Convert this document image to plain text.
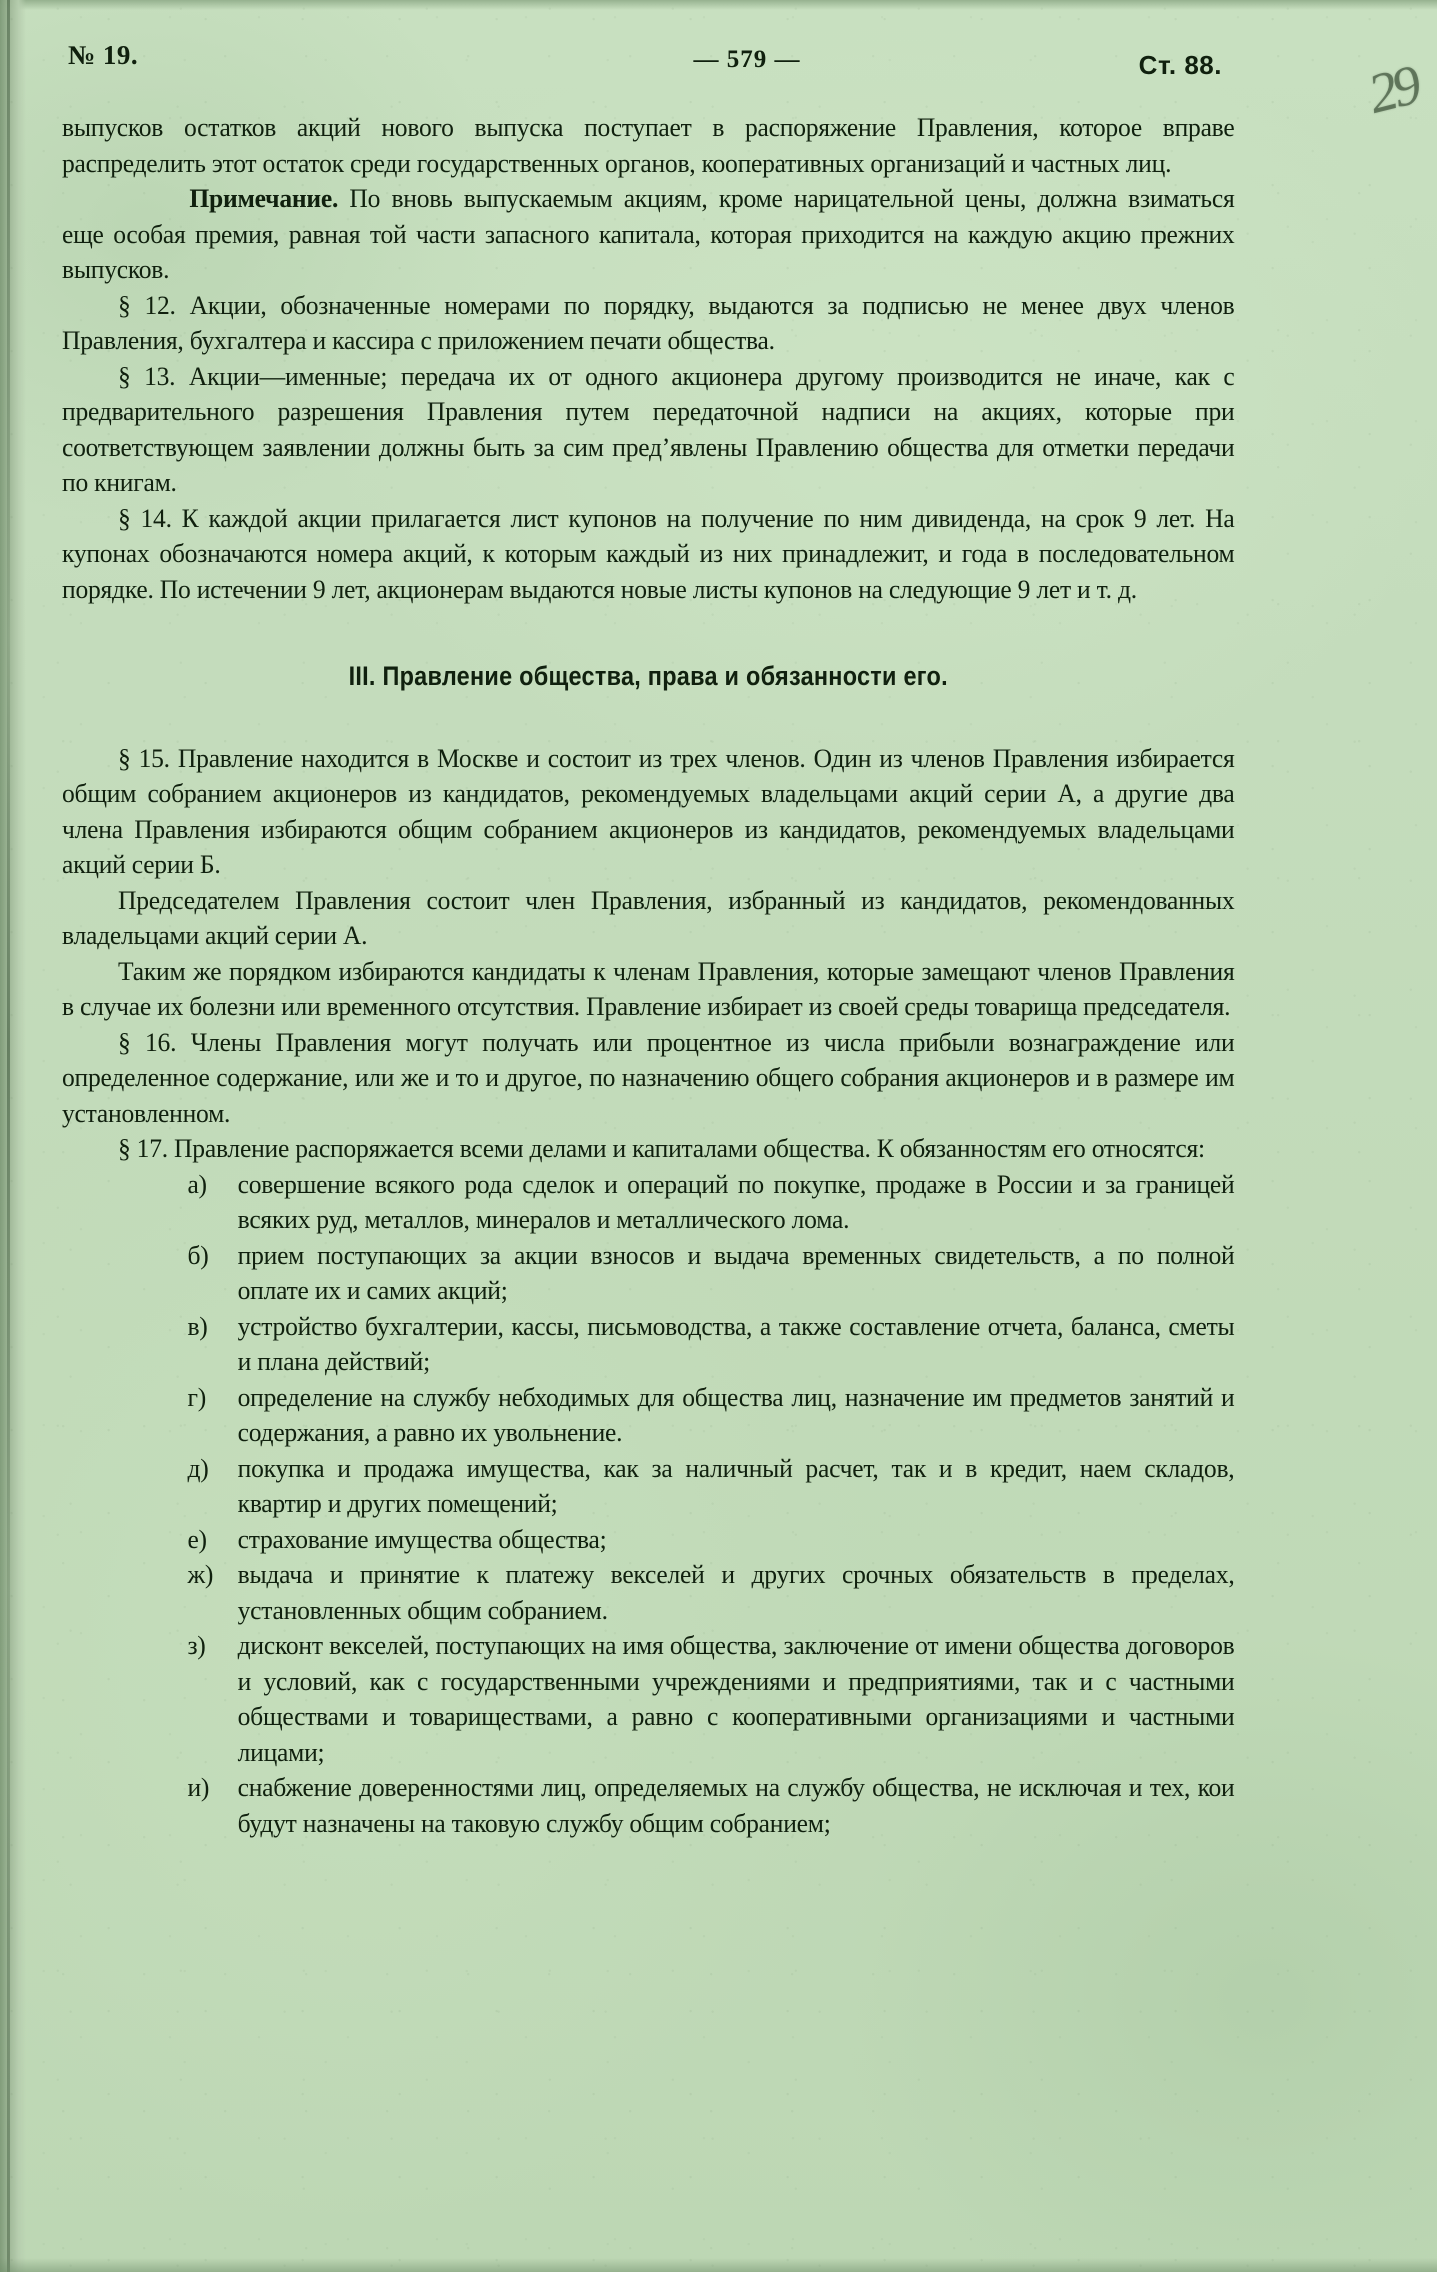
№ 19.	— 579 —	Ст. 88.

выпусков остатков акций нового выпуска поступает в распоряжение Правления, которое вправе распределить этот остаток среди государственных органов, кооперативных организаций и частных лиц.

Примечание. По вновь выпускаемым акциям, кроме нарицательной цены, должна взиматься еще особая премия, равная той части запасного капитала, которая приходится на каждую акцию прежних выпусков.

§ 12. Акции, обозначенные номерами по порядку, выдаются за подписью не менее двух членов Правления, бухгалтера и кассира с приложением печати общества.

§ 13. Акции—именные; передача их от одного акционера другому производится не иначе, как с предварительного разрешения Правления путем передаточной надписи на акциях, которые при соответствующем заявлении должны быть за сим пред’явлены Правлению общества для отметки передачи по книгам.

§ 14. К каждой акции прилагается лист купонов на получение по ним дивиденда, на срок 9 лет. На купонах обозначаются номера акций, к которым каждый из них принадлежит, и года в последовательном порядке. По истечении 9 лет, акционерам выдаются новые листы купонов на следующие 9 лет и т. д.

III. Правление общества, права и обязанности его.

§ 15. Правление находится в Москве и состоит из трех членов. Один из членов Правления избирается общим собранием акционеров из кандидатов, рекомендуемых владельцами акций серии А, а другие два члена Правления избираются общим собранием акционеров из кандидатов, рекомендуемых владельцами акций серии Б.

Председателем Правления состоит член Правления, избранный из кандидатов, рекомендованных владельцами акций серии А.

Таким же порядком избираются кандидаты к членам Правления, которые замещают членов Правления в случае их болезни или временного отсутствия. Правление избирает из своей среды товарища председателя.

§ 16. Члены Правления могут получать или процентное из числа прибыли вознаграждение или определенное содержание, или же и то и другое, по назначению общего собрания акционеров и в размере им установленном.

§ 17. Правление распоряжается всеми делами и капиталами общества. К обязанностям его относятся:

а)	совершение всякого рода сделок и операций по покупке, продаже в России и за границей всяких руд, металлов, минералов и металлического лома.
б)	прием поступающих за акции взносов и выдача временных свидетельств, а по полной оплате их и самих акций;
в)	устройство бухгалтерии, кассы, письмоводства, а также составление отчета, баланса, сметы и плана действий;
г)	определение на службу небходимых для общества лиц, назначение им предметов занятий и содержания, а равно их увольнение.
д)	покупка и продажа имущества, как за наличный расчет, так и в кредит, наем складов, квартир и других помещений;
е)	страхование имущества общества;
ж) выдача и принятие к платежу векселей и других срочных обязательств в пределах, установленных общим собранием.
з)	дисконт векселей, поступающих на имя общества, заключение от имени общества договоров и условий, как с государственными учреждениями и предприятиями, так и с частными обществами и товариществами, а равно с кооперативными организациями и частными лицами;
и)	снабжение доверенностями лиц, определяемых на службу общества, не исключая и тех, кои будут назначены на таковую службу общим собранием;
29
